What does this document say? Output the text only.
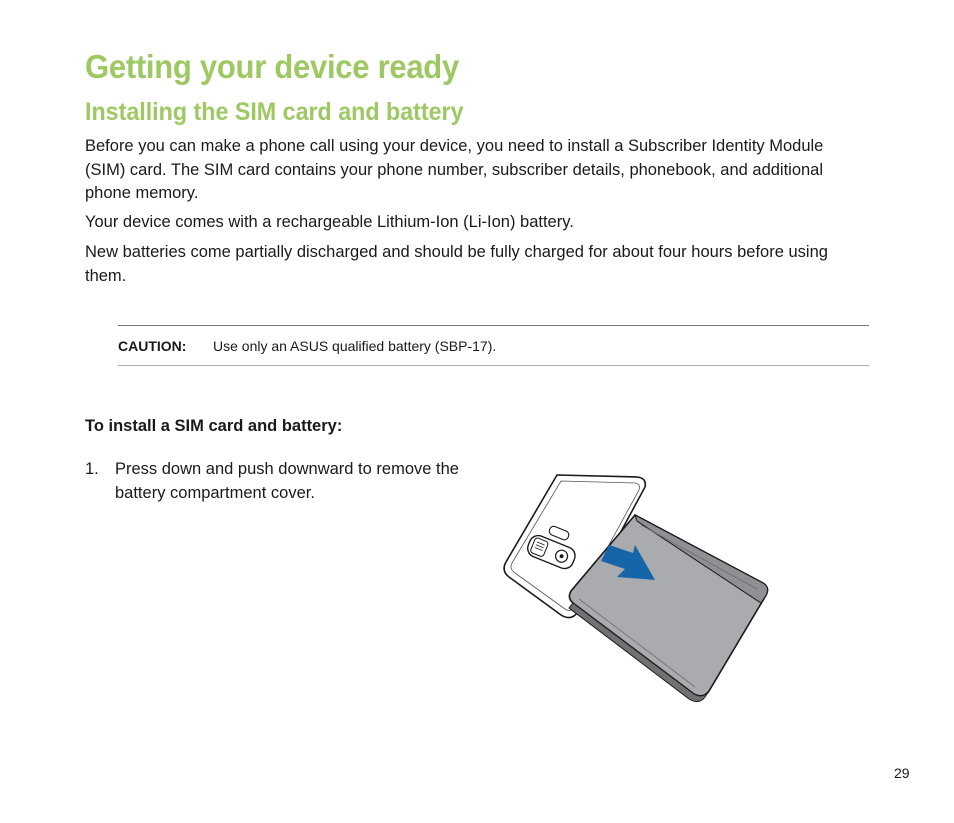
Getting your device ready
Installing the SIM card and battery

Before you can make a phone call using your device, you need to install a Subscriber Identity Module (SIM) card. The SIM card contains your phone number, subscriber details, phonebook, and additional phone memory.

Your device comes with a rechargeable Lithium-Ion (Li-Ion) battery.

New batteries come partially discharged and should be fully charged for about four hours before using them.

CAUTION: Use only an ASUS qualified battery (SBP-17).
To install a SIM card and battery:
1. Press down and push downward to remove the battery compartment cover.
29
